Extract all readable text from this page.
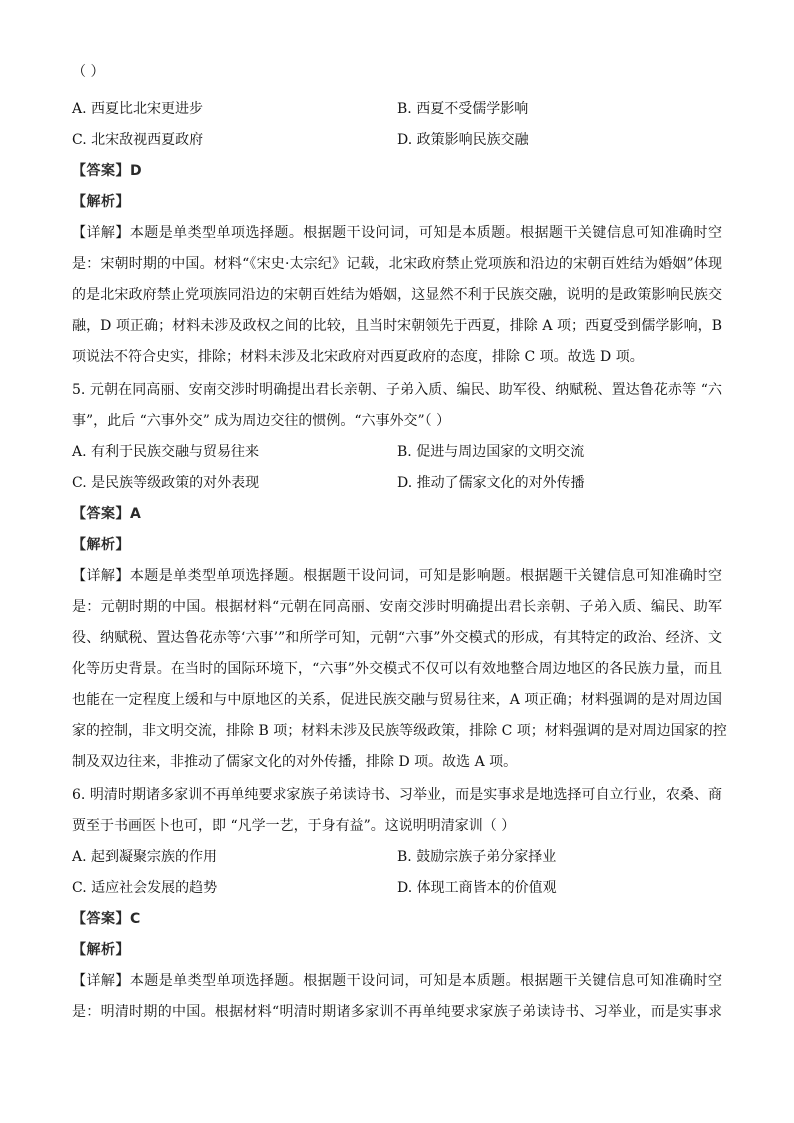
（ ）
A. 西夏比北宋更进步	B. 西夏不受儒学影响
C. 北宋敌视西夏政府	D. 政策影响民族交融
【答案】D
【解析】
【详解】本题是单类型单项选择题。根据题干设问词，可知是本质题。根据题干关键信息可知准确时空
是：宋朝时期的中国。材料“《宋史·太宗纪》记载，北宋政府禁止党项族和沿边的宋朝百姓结为婚姻”体现
的是北宋政府禁止党项族同沿边的宋朝百姓结为婚姻，这显然不利于民族交融，说明的是政策影响民族交
融，D 项正确；材料未涉及政权之间的比较，且当时宋朝领先于西夏，排除 A 项；西夏受到儒学影响，B
项说法不符合史实，排除；材料未涉及北宋政府对西夏政府的态度，排除 C 项。故选 D 项。
5. 元朝在同高丽、安南交涉时明确提出君长亲朝、子弟入质、编民、助军役、纳赋税、置达鲁花赤等 “六
事”，此后 “六事外交” 成为周边交往的惯例。“六事外交”（ ）
A. 有利于民族交融与贸易往来	B. 促进与周边国家的文明交流
C. 是民族等级政策的对外表现	D. 推动了儒家文化的对外传播
【答案】A
【解析】
【详解】本题是单类型单项选择题。根据题干设问词，可知是影响题。根据题干关键信息可知准确时空
是：元朝时期的中国。根据材料“元朝在同高丽、安南交涉时明确提出君长亲朝、子弟入质、编民、助军
役、纳赋税、置达鲁花赤等‘六事’”和所学可知，元朝“六事”外交模式的形成，有其特定的政治、经济、文
化等历史背景。在当时的国际环境下，“六事”外交模式不仅可以有效地整合周边地区的各民族力量，而且
也能在一定程度上缓和与中原地区的关系，促进民族交融与贸易往来，A 项正确；材料强调的是对周边国
家的控制，非文明交流，排除 B 项；材料未涉及民族等级政策，排除 C 项；材料强调的是对周边国家的控
制及双边往来，非推动了儒家文化的对外传播，排除 D 项。故选 A 项。
6. 明清时期诸多家训不再单纯要求家族子弟读诗书、习举业，而是实事求是地选择可自立行业，农桑、商
贾至于书画医卜也可，即 “凡学一艺，于身有益”。这说明明清家训（ ）
A. 起到凝聚宗族的作用	B. 鼓励宗族子弟分家择业
C. 适应社会发展的趋势	D. 体现工商皆本的价值观
【答案】C
【解析】
【详解】本题是单类型单项选择题。根据题干设问词，可知是本质题。根据题干关键信息可知准确时空
是：明清时期的中国。根据材料“明清时期诸多家训不再单纯要求家族子弟读诗书、习举业，而是实事求
